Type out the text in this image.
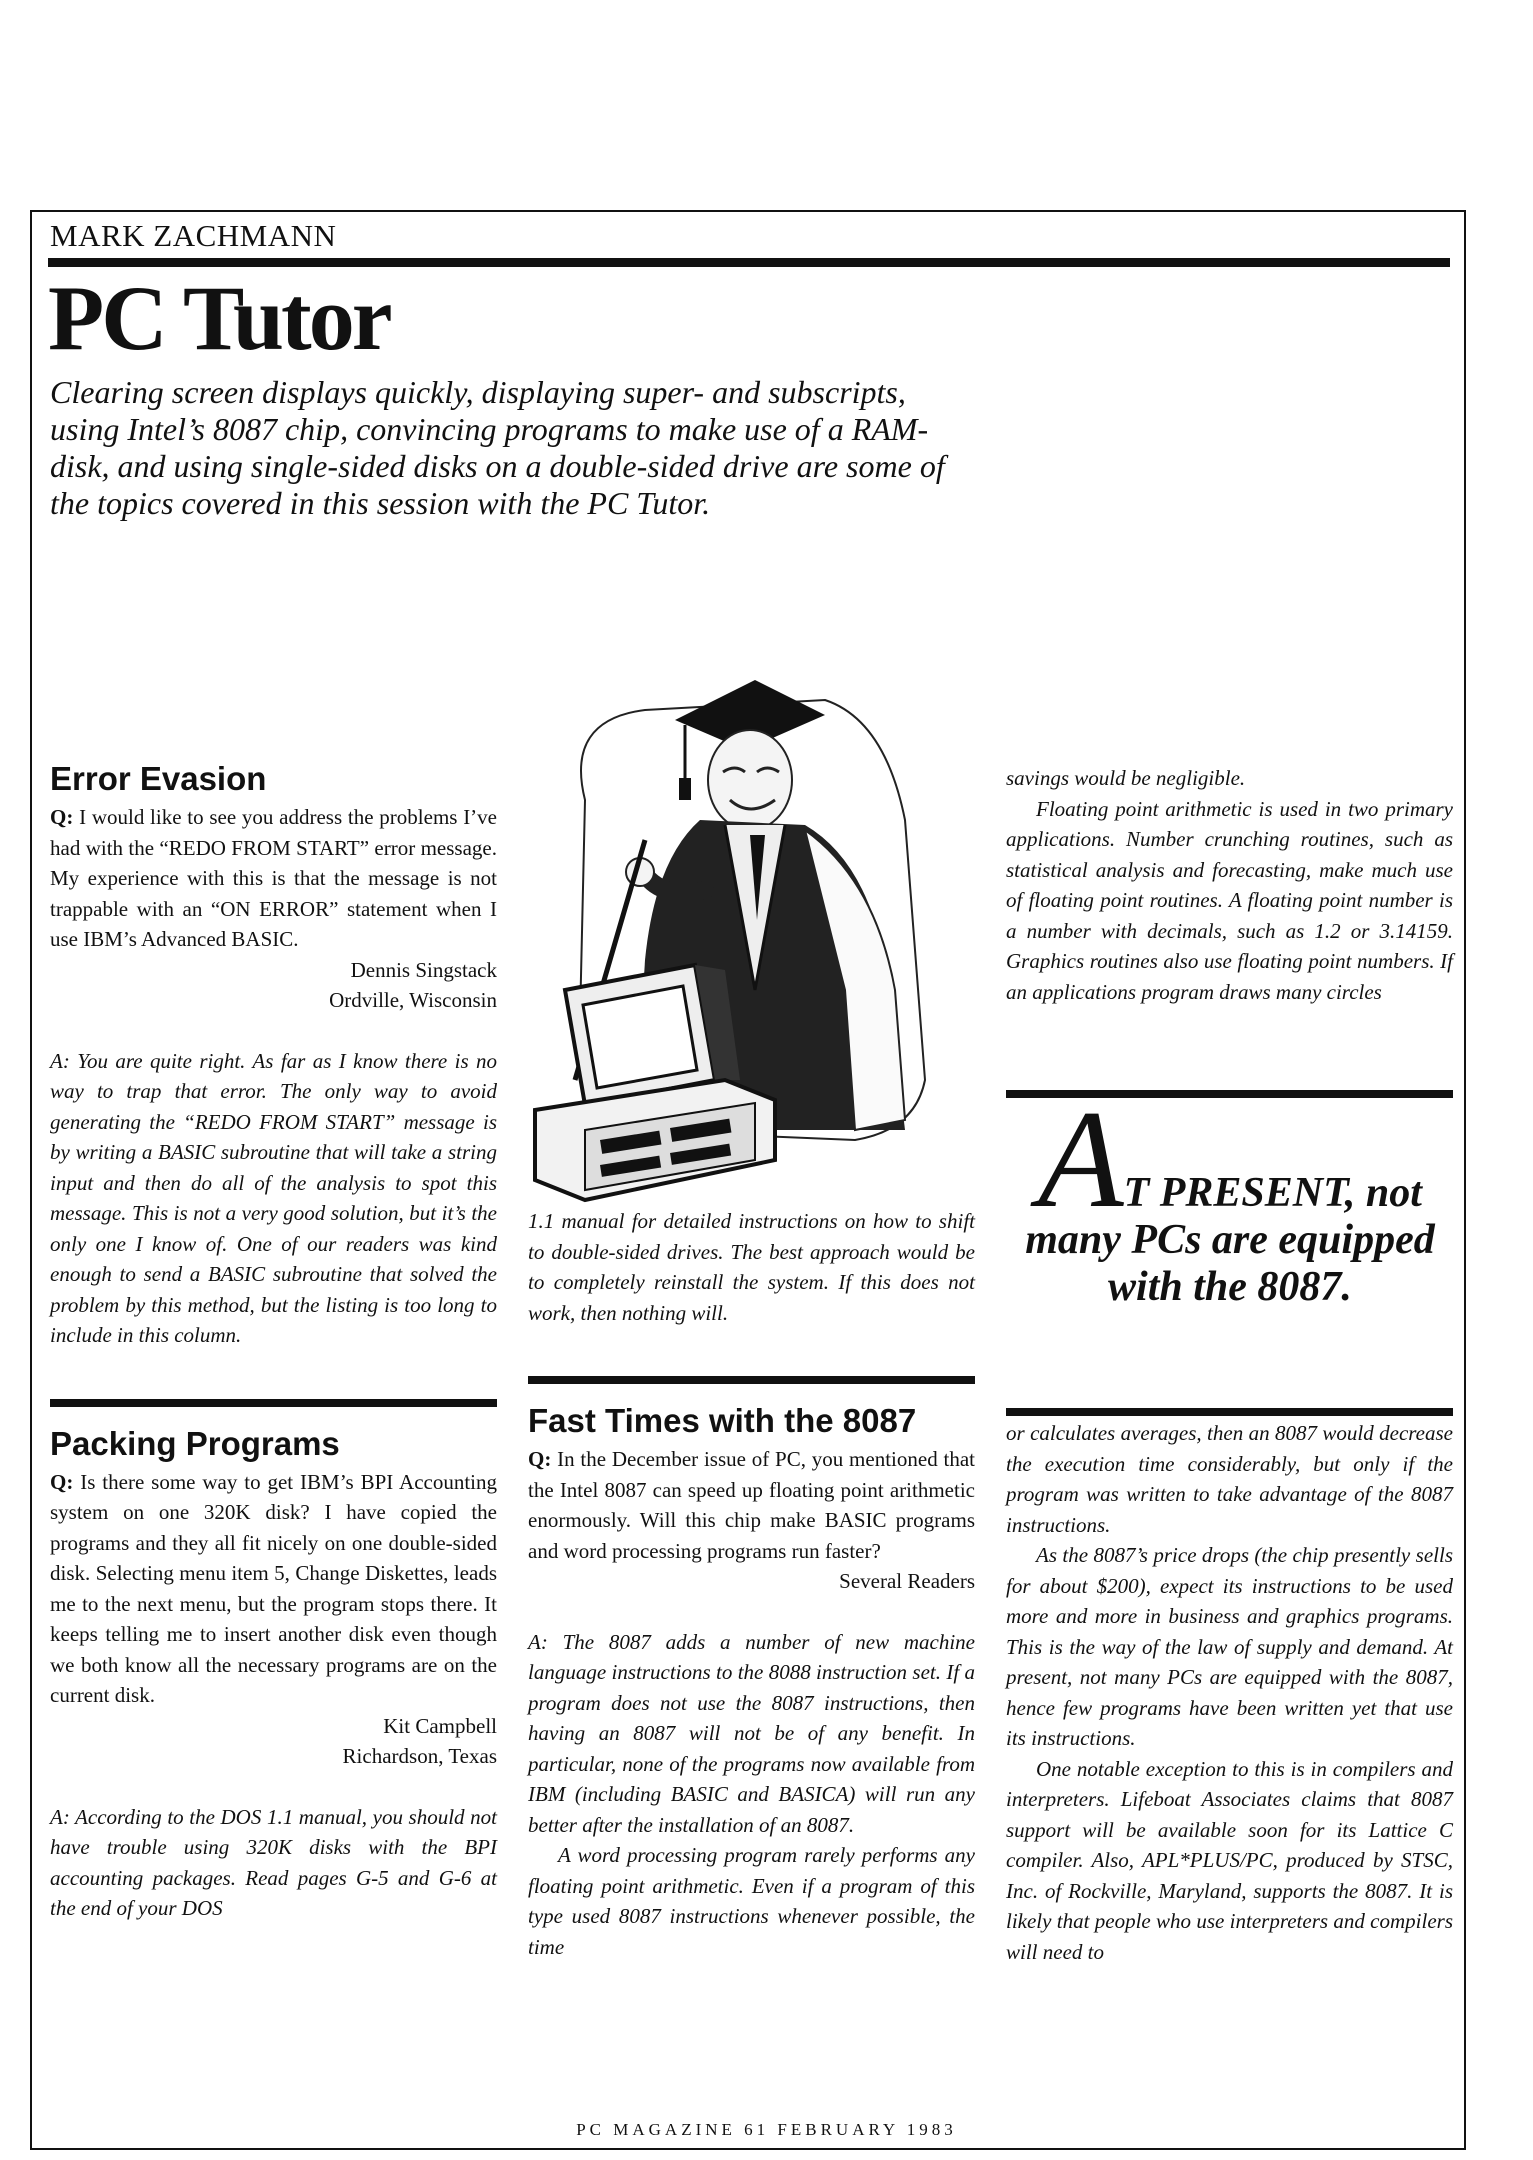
MARK ZACHMANN
PC Tutor
Clearing screen displays quickly, displaying super- and subscripts, using Intel’s 8087 chip, convincing programs to make use of a RAM-disk, and using single-sided disks on a double-sided drive are some of the topics covered in this session with the PC Tutor.
Error Evasion

Q: I would like to see you address the problems I’ve had with the “REDO FROM START” error message. My experience with this is that the message is not trappable with an “ON ERROR” statement when I use IBM’s Advanced BASIC.

Dennis Singstack
Ordville, Wisconsin

A: You are quite right. As far as I know there is no way to trap that error. The only way to avoid generating the “REDO FROM START” message is by writing a BASIC subroutine that will take a string input and then do all of the analysis to spot this message. This is not a very good solution, but it’s the only one I know of. One of our readers was kind enough to send a BASIC subroutine that solved the problem by this method, but the listing is too long to include in this column.

Packing Programs

Q: Is there some way to get IBM’s BPI Accounting system on one 320K disk? I have copied the programs and they all fit nicely on one double-sided disk. Selecting menu item 5, Change Diskettes, leads me to the next menu, but the program stops there. It keeps telling me to insert another disk even though we both know all the necessary programs are on the current disk.

Kit Campbell
Richardson, Texas

A: According to the DOS 1.1 manual, you should not have trouble using 320K disks with the BPI accounting packages. Read pages G-5 and G-6 at the end of your DOS

1.1 manual for detailed instructions on how to shift to double-sided drives. The best approach would be to completely reinstall the system. If this does not work, then nothing will.

Fast Times with the 8087

Q: In the December issue of PC, you mentioned that the Intel 8087 can speed up floating point arithmetic enormously. Will this chip make BASIC programs and word processing programs run faster?

Several Readers

A: The 8087 adds a number of new machine language instructions to the 8088 instruction set. If a program does not use the 8087 instructions, then having an 8087 will not be of any benefit. In particular, none of the programs now available from IBM (including BASIC and BASICA) will run any better after the installation of an 8087.

A word processing program rarely performs any floating point arithmetic. Even if a program of this type used 8087 instructions whenever possible, the time

savings would be negligible.

Floating point arithmetic is used in two primary applications. Number crunching routines, such as statistical analysis and forecasting, make much use of floating point routines. A floating point number is a number with decimals, such as 1.2 or 3.14159. Graphics routines also use floating point numbers. If an applications program draws many circles

AT PRESENT, not many PCs are equipped with the 8087.

or calculates averages, then an 8087 would decrease the execution time considerably, but only if the program was written to take advantage of the 8087 instructions.

As the 8087’s price drops (the chip presently sells for about $200), expect its instructions to be used more and more in business and graphics programs. This is the way of the law of supply and demand. At present, not many PCs are equipped with the 8087, hence few programs have been written yet that use its instructions.

One notable exception to this is in compilers and interpreters. Lifeboat Associates claims that 8087 support will be available soon for its Lattice C compiler. Also, APL*PLUS/PC, produced by STSC, Inc. of Rockville, Maryland, supports the 8087. It is likely that people who use interpreters and compilers will need to

PC MAGAZINE 61 FEBRUARY 1983
